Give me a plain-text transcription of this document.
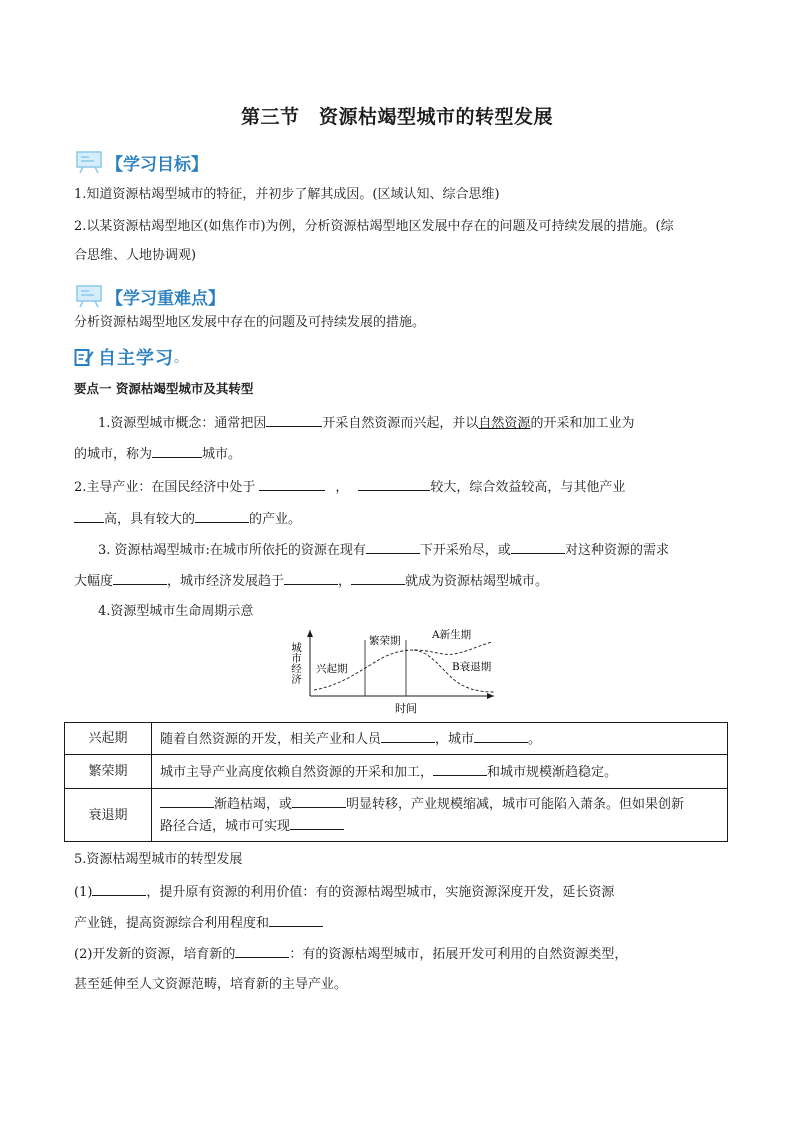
第三节　资源枯竭型城市的转型发展
【学习目标】
1.知道资源枯竭型城市的特征，并初步了解其成因。(区域认知、综合思维)
2.以某资源枯竭型地区(如焦作市)为例，分析资源枯竭型地区发展中存在的问题及可持续发展的措施。(综
合思维、人地协调观)
【学习重难点】
分析资源枯竭型地区发展中存在的问题及可持续发展的措施。
自主学习 。
要点一 资源枯竭型城市及其转型
1.资源型城市概念：通常把因	开采自然资源而兴起，并以自然资源的开采和加工业为
的城市，称为	城市。
2.主导产业：在国民经济中处于	，	较大，综合效益较高，与其他产业
高，具有较大的	的产业。
3. 资源枯竭型城市:在城市所依托的资源在现有	下开采殆尽，或	对这种资源的需求
大幅度	，城市经济发展趋于	，	就成为资源枯竭型城市。
4.资源型城市生命周期示意
城市经济
时间
兴起期
繁荣期	A新生期
B衰退期
兴起期	随着自然资源的开发，相关产业和人员 ，城市 。
繁荣期	城市主导产业高度依赖自然资源的开采和加工， 和城市规模渐趋稳定。
衰退期	渐趋枯竭，或 明显转移，产业规模缩减，城市可能陷入萧条。但如果创新
路径合适，城市可实现
5.资源枯竭型城市的转型发展
(1)	，提升原有资源的利用价值：有的资源枯竭型城市，实施资源深度开发，延长资源
产业链，提高资源综合利用程度和
(2)开发新的资源，培育新的	：有的资源枯竭型城市，拓展开发可利用的自然资源类型，
甚至延伸至人文资源范畴，培育新的主导产业。
